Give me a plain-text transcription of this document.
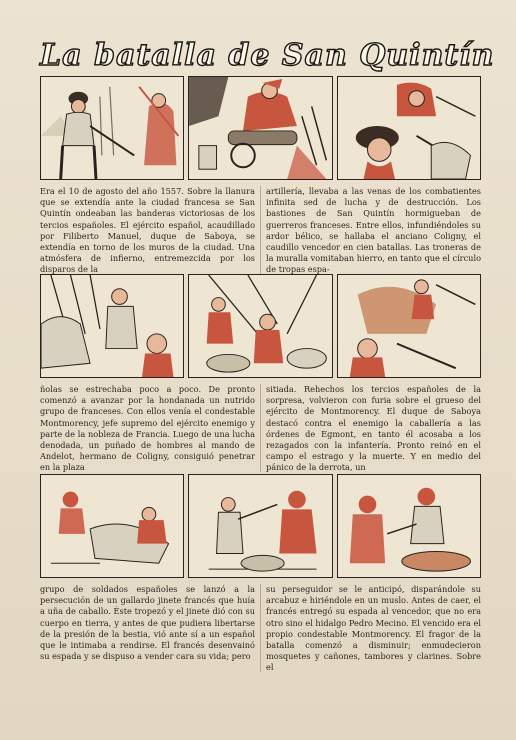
La batalla de San Quintín
Era el 10 de agosto del año 1557. Sobre la llanura que se extendía ante la ciudad francesa se San Quintín ondeaban las banderas victoriosas de los tercios españoles. El ejército español, acaudillado por Filiberto Manuel, duque de Saboya, se extendía en torno de los muros de la ciudad. Una atmósfera de infierno, entremezcida por los disparos de la
artillería, llevaba a las venas de los combatientes infinita sed de lucha y de destrucción. Los bastiones de San Quintín hormigueban de guerreros franceses. Entre ellos, infundiéndoles su ardor bélico, se hallaba el anciano Coligny, el caudillo vencedor en cien batallas. Las troneras de la muralla vomitaban hierro, en tanto que el círculo de tropas espa-
ñolas se estrechaba poco a poco. De pronto comenzó a avanzar por la hondanada un nutrido grupo de franceses. Con ellos venía el condestable Montmorency, jefe supremo del ejército enemigo y parte de la nobleza de Francia. Luego de una lucha denodada, un puñado de hombres al mando de Andelot, hermano de Coligny, consiguió penetrar en la plaza
sitiada. Rehechos los tercios españoles de la sorpresa, volvieron con furia sobre el grueso del ejército de Montmorency. El duque de Saboya destacó contra el enemigo la caballería a las órdenes de Egmont, en tanto él acosaba a los rezagados con la infantería. Pronto reinó en el campo el estrago y la muerte. Y en medio del pánico de la derrota, un
grupo de soldados españoles se lanzó a la persecución de un gallardo jinete francés que huía a uña de caballo. Éste tropezó y el jinete dió con su cuerpo en tierra, y antes de que pudiera libertarse de la presión de la bestia, vió ante sí a un español que le intimaba a rendirse. El francés desenvainó su espada y se dispuso a vender cara su vida; pero
su perseguidor se le anticipó, disparándole su arcabuz e hiriéndole en un muslo. Antes de caer, el francés entregó su espada al vencedor, que no era otro sino el hidalgo Pedro Mecino. El vencido era el propio condestable Montmorency. El fragor de la batalla comenzó a disminuir; enmudecieron mosquetes y cañones, tambores y clarines. Sobre el
